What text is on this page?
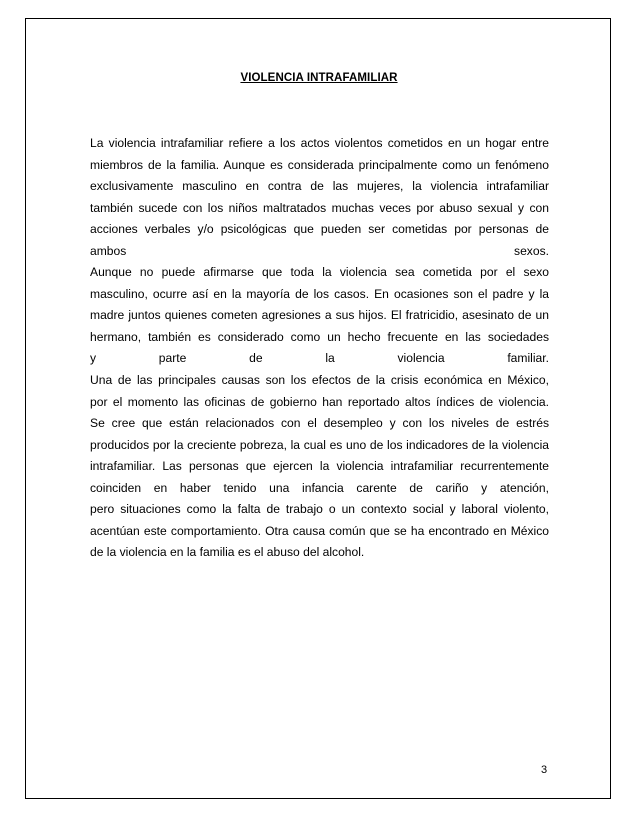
VIOLENCIA INTRAFAMILIAR
La violencia intrafamiliar refiere a los actos violentos cometidos en un hogar entre
miembros de la familia. Aunque es considerada principalmente como un fenómeno
exclusivamente masculino en contra de las mujeres, la violencia intrafamiliar
también sucede con los niños maltratados muchas veces por abuso sexual y con
acciones verbales y/o psicológicas que pueden ser cometidas por personas de
ambos sexos.
Aunque no puede afirmarse que toda la violencia sea cometida por el sexo
masculino, ocurre así en la mayoría de los casos. En ocasiones son el padre y la
madre juntos quienes cometen agresiones a sus hijos. El fratricidio, asesinato de un
hermano, también es considerado como un hecho frecuente en las sociedades
y parte de la violencia familiar.
Una de las principales causas son los efectos de la crisis económica en México,
por el momento las oficinas de gobierno han reportado altos índices de violencia.
Se cree que están relacionados con el desempleo y con los niveles de estrés
producidos por la creciente pobreza, la cual es uno de los indicadores de la violencia
intrafamiliar. Las personas que ejercen la violencia intrafamiliar recurrentemente
coinciden en haber tenido una infancia carente de cariño y atención,
pero situaciones como la falta de trabajo o un contexto social y laboral violento,
acentúan este comportamiento. Otra causa común que se ha encontrado en México
de la violencia en la familia es el abuso del alcohol.
3
